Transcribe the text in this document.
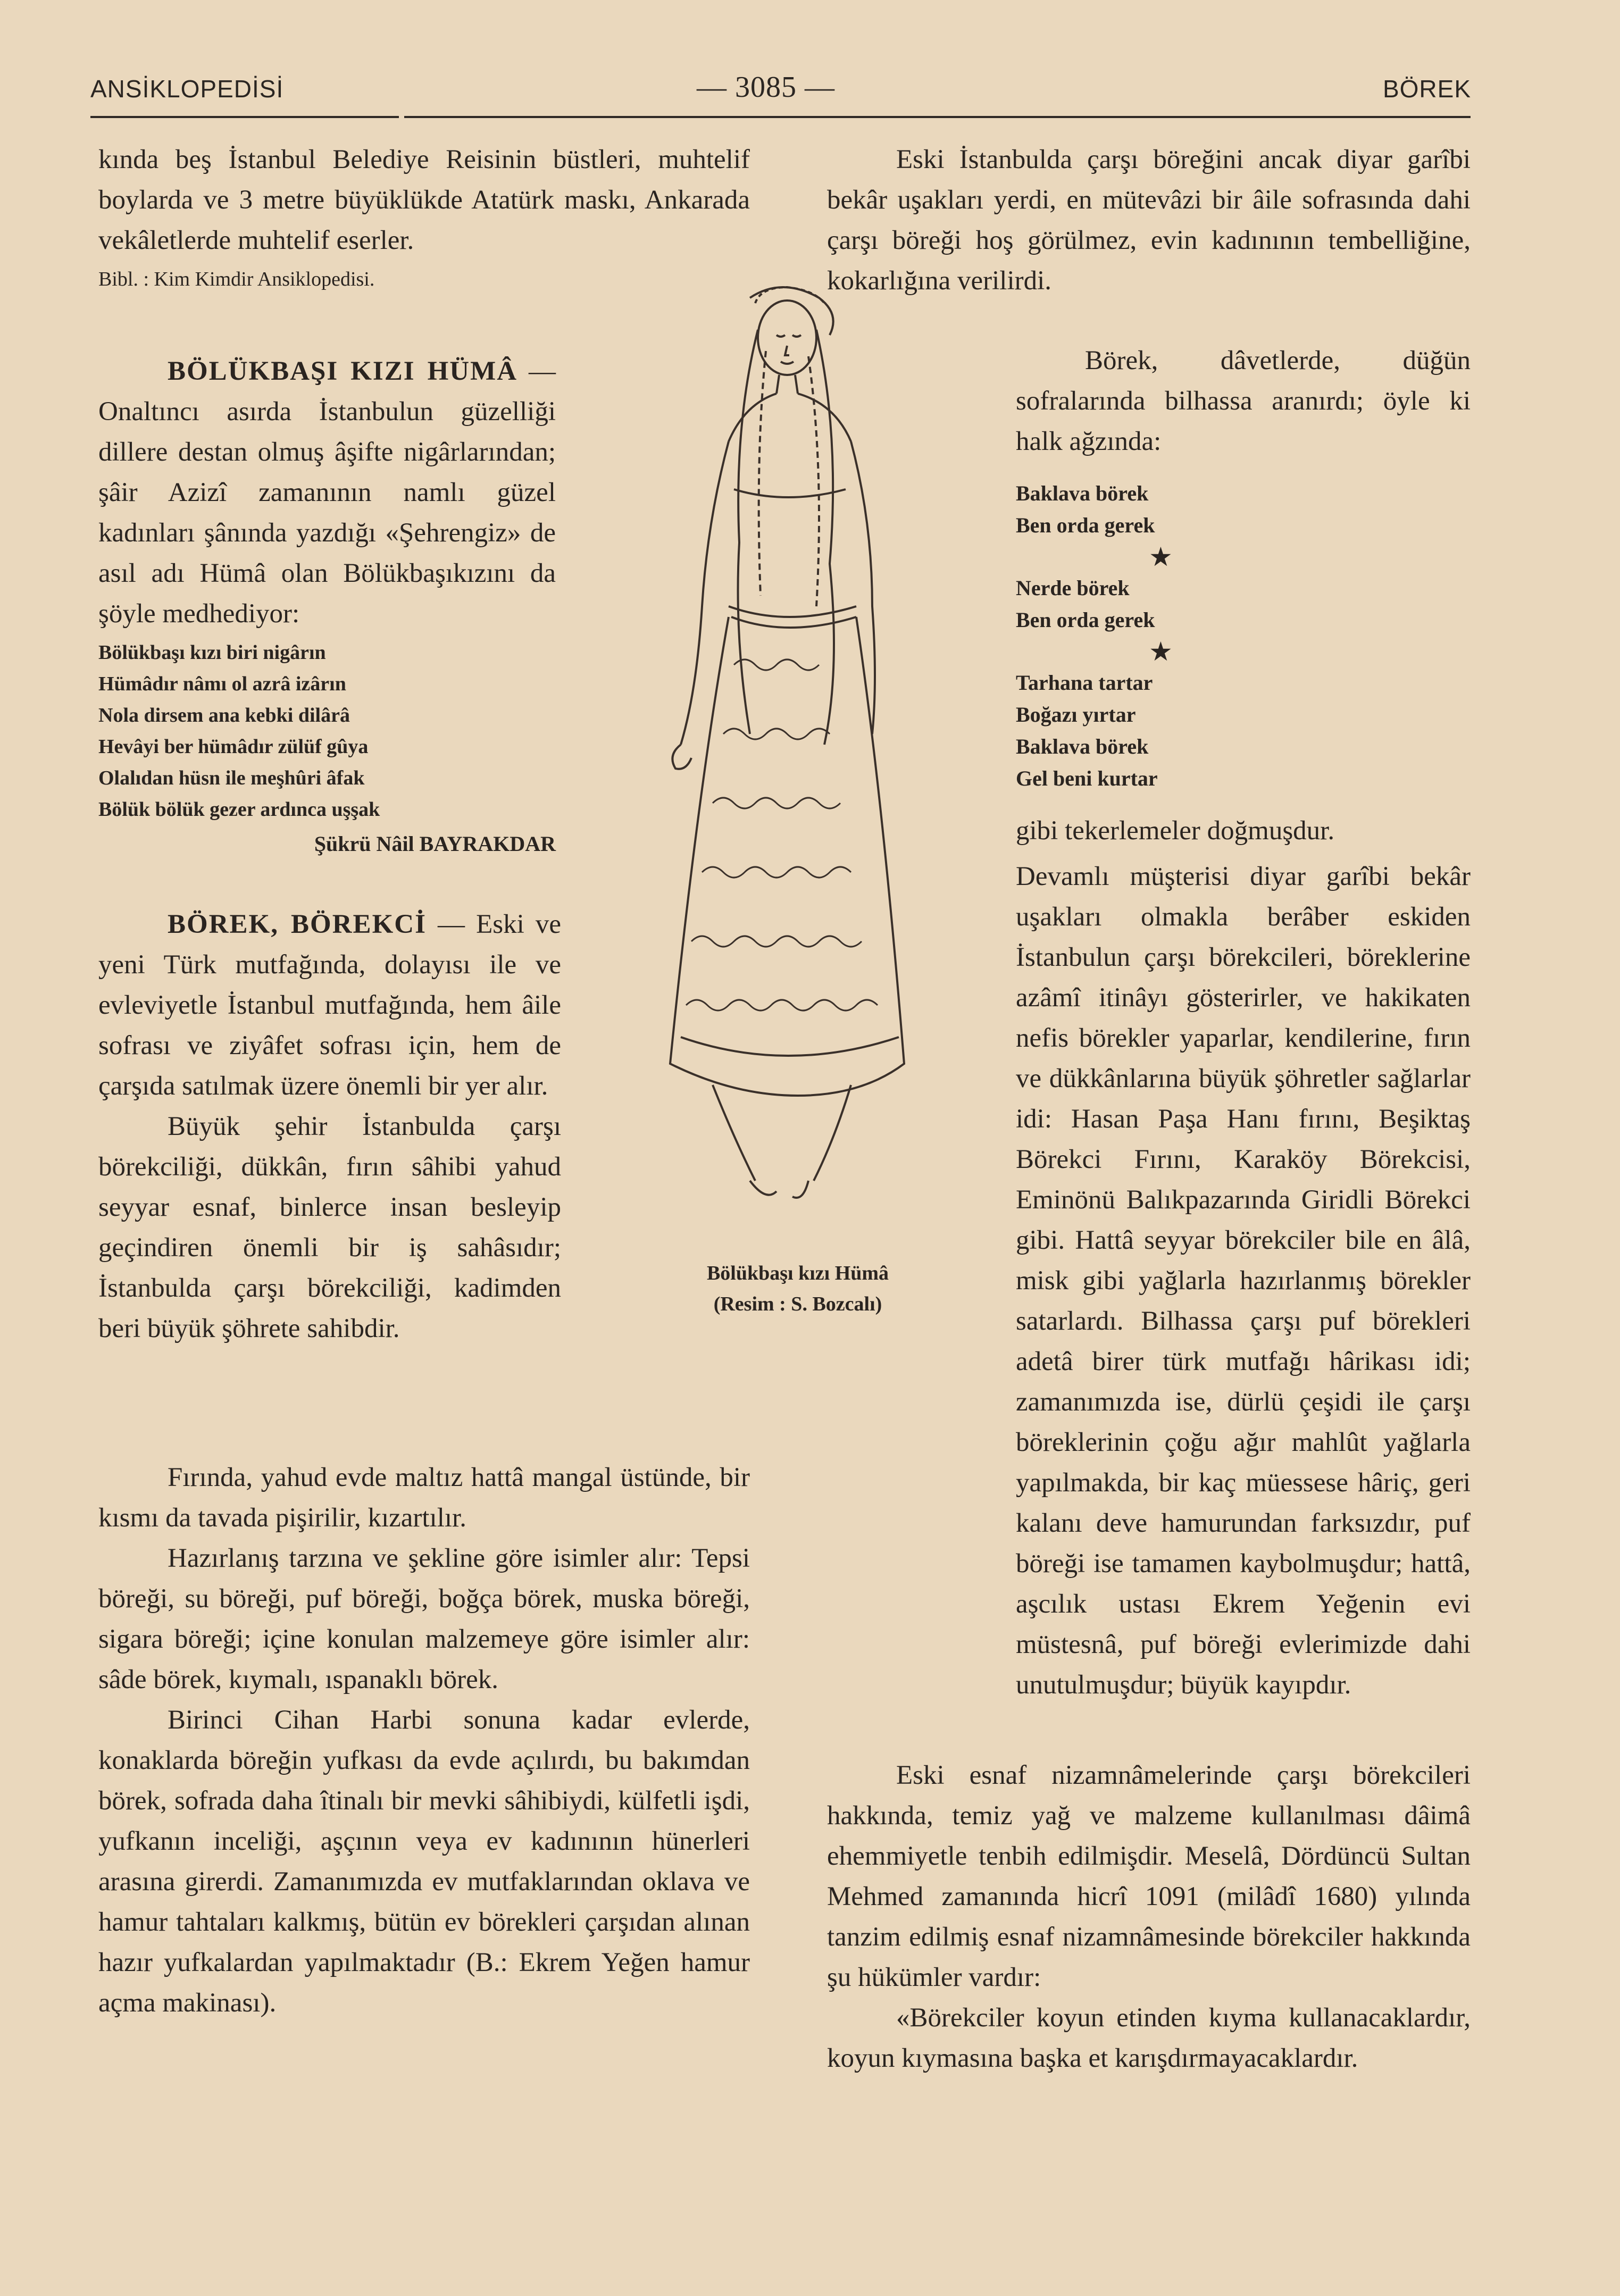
ANSİKLOPEDİSİ	— 3085 —	BÖREK

kında beş İstanbul Belediye Reisinin büstleri, muhtelif boylarda ve 3 metre büyüklükde Atatürk maskı, Ankarada vekâletlerde muhtelif eserler.

Bibl. : Kim Kimdir Ansiklopedisi.

BÖLÜKBAŞI KIZI HÜMÂ — Onaltıncı asırda İstanbulun güzelliği dillere destan olmuş âşifte nigârlarından; şâir Azizî zamanının namlı güzel kadınları şânında yazdığı «Şehrengiz» de asıl adı Hümâ olan Bölükbaşıkızını da şöyle medhediyor:

Bölükbaşı kızı biri nigârın

Hümâdır nâmı ol azrâ izârın

Nola dirsem ana kebki dilârâ

Hevâyi ber hümâdır zülüf gûya

Olalıdan hüsn ile meşhûri âfak

Bölük bölük gezer ardınca uşşak

Şükrü Nâil BAYRAKDAR

BÖREK, BÖREKCİ — Eski ve yeni Türk mutfağında, dolayısı ile ve evleviyetle İstanbul mutfağında, hem âile sofrası ve ziyâfet sofrası için, hem de çarşıda satılmak üzere önemli bir yer alır.

Büyük şehir İstanbulda çarşı börekciliği, dükkân, fırın sâhibi yahud seyyar esnaf, binlerce insan besleyip geçindiren önemli bir iş sahâsıdır; İstanbulda çarşı börekciliği, kadimden beri büyük şöhrete sahibdir.

Fırında, yahud evde maltız hattâ mangal üstünde, bir kısmı da tavada pişirilir, kızartılır.

Hazırlanış tarzına ve şekline göre isimler alır: Tepsi böreği, su böreği, puf böreği, boğça börek, muska böreği, sigara böreği; içine konulan malzemeye göre isimler alır: sâde börek, kıymalı, ıspanaklı börek.

Birinci Cihan Harbi sonuna kadar evlerde, konaklarda böreğin yufkası da evde açılırdı, bu bakımdan börek, sofrada daha îtinalı bir mevki sâhibiydi, külfetli işdi, yufkanın inceliği, aşçının veya ev kadınının hünerleri arasına girerdi. Zamanımızda ev mutfaklarından oklava ve hamur tahtaları kalkmış, bütün ev börekleri çarşıdan alınan hazır yufkalardan yapılmaktadır (B.: Ekrem Yeğen hamur açma makinası).

Bölükbaşı kızı Hümâ
(Resim : S. Bozcalı)

Eski İstanbulda çarşı böreğini ancak diyar garîbi bekâr uşakları yerdi, en mütevâzi bir âile sofrasında dahi çarşı böreği hoş görülmez, evin kadınının tembelliğine, kokarlığına verilirdi.

Börek, dâvetlerde, düğün sofralarında bilhassa aranırdı; öyle ki halk ağzında:

Baklava börek
Ben orda gerek
★
Nerde börek
Ben orda gerek
★
Tarhana tartar
Boğazı yırtar
Baklava börek
Gel beni kurtar

gibi tekerlemeler doğmuşdur.

Devamlı müşterisi diyar garîbi bekâr uşakları olmakla berâber eskiden İstanbulun çarşı börekcileri, böreklerine azâmî itinâyı gösterirler, ve hakikaten nefis börekler yaparlar, kendilerine, fırın ve dükkânlarına büyük şöhretler sağlarlar idi: Hasan Paşa Hanı fırını, Beşiktaş Börekci Fırını, Karaköy Börekcisi, Eminönü Balıkpazarında Giridli Börekci gibi. Hattâ seyyar börekciler bile en âlâ, misk gibi yağlarla hazırlanmış börekler satarlardı. Bilhassa çarşı puf börekleri adetâ birer türk mutfağı hârikası idi; zamanımızda ise, dürlü çeşidi ile çarşı böreklerinin çoğu ağır mahlût yağlarla yapılmakda, bir kaç müessese hâriç, geri kalanı deve hamurundan farksızdır, puf böreği ise tamamen kaybolmuşdur; hattâ, aşcılık ustası Ekrem Yeğenin evi müstesnâ, puf böreği evlerimizde dahi unutulmuşdur; büyük kayıpdır.

Eski esnaf nizamnâmelerinde çarşı börekcileri hakkında, temiz yağ ve malzeme kullanılması dâimâ ehemmiyetle tenbih edilmişdir. Meselâ, Dördüncü Sultan Mehmed zamanında hicrî 1091 (milâdî 1680) yılında tanzim edilmiş esnaf nizamnâmesinde börekciler hakkında şu hükümler vardır:

«Börekciler koyun etinden kıyma kullanacaklardır, koyun kıymasına başka et karışdırmayacaklardır.
